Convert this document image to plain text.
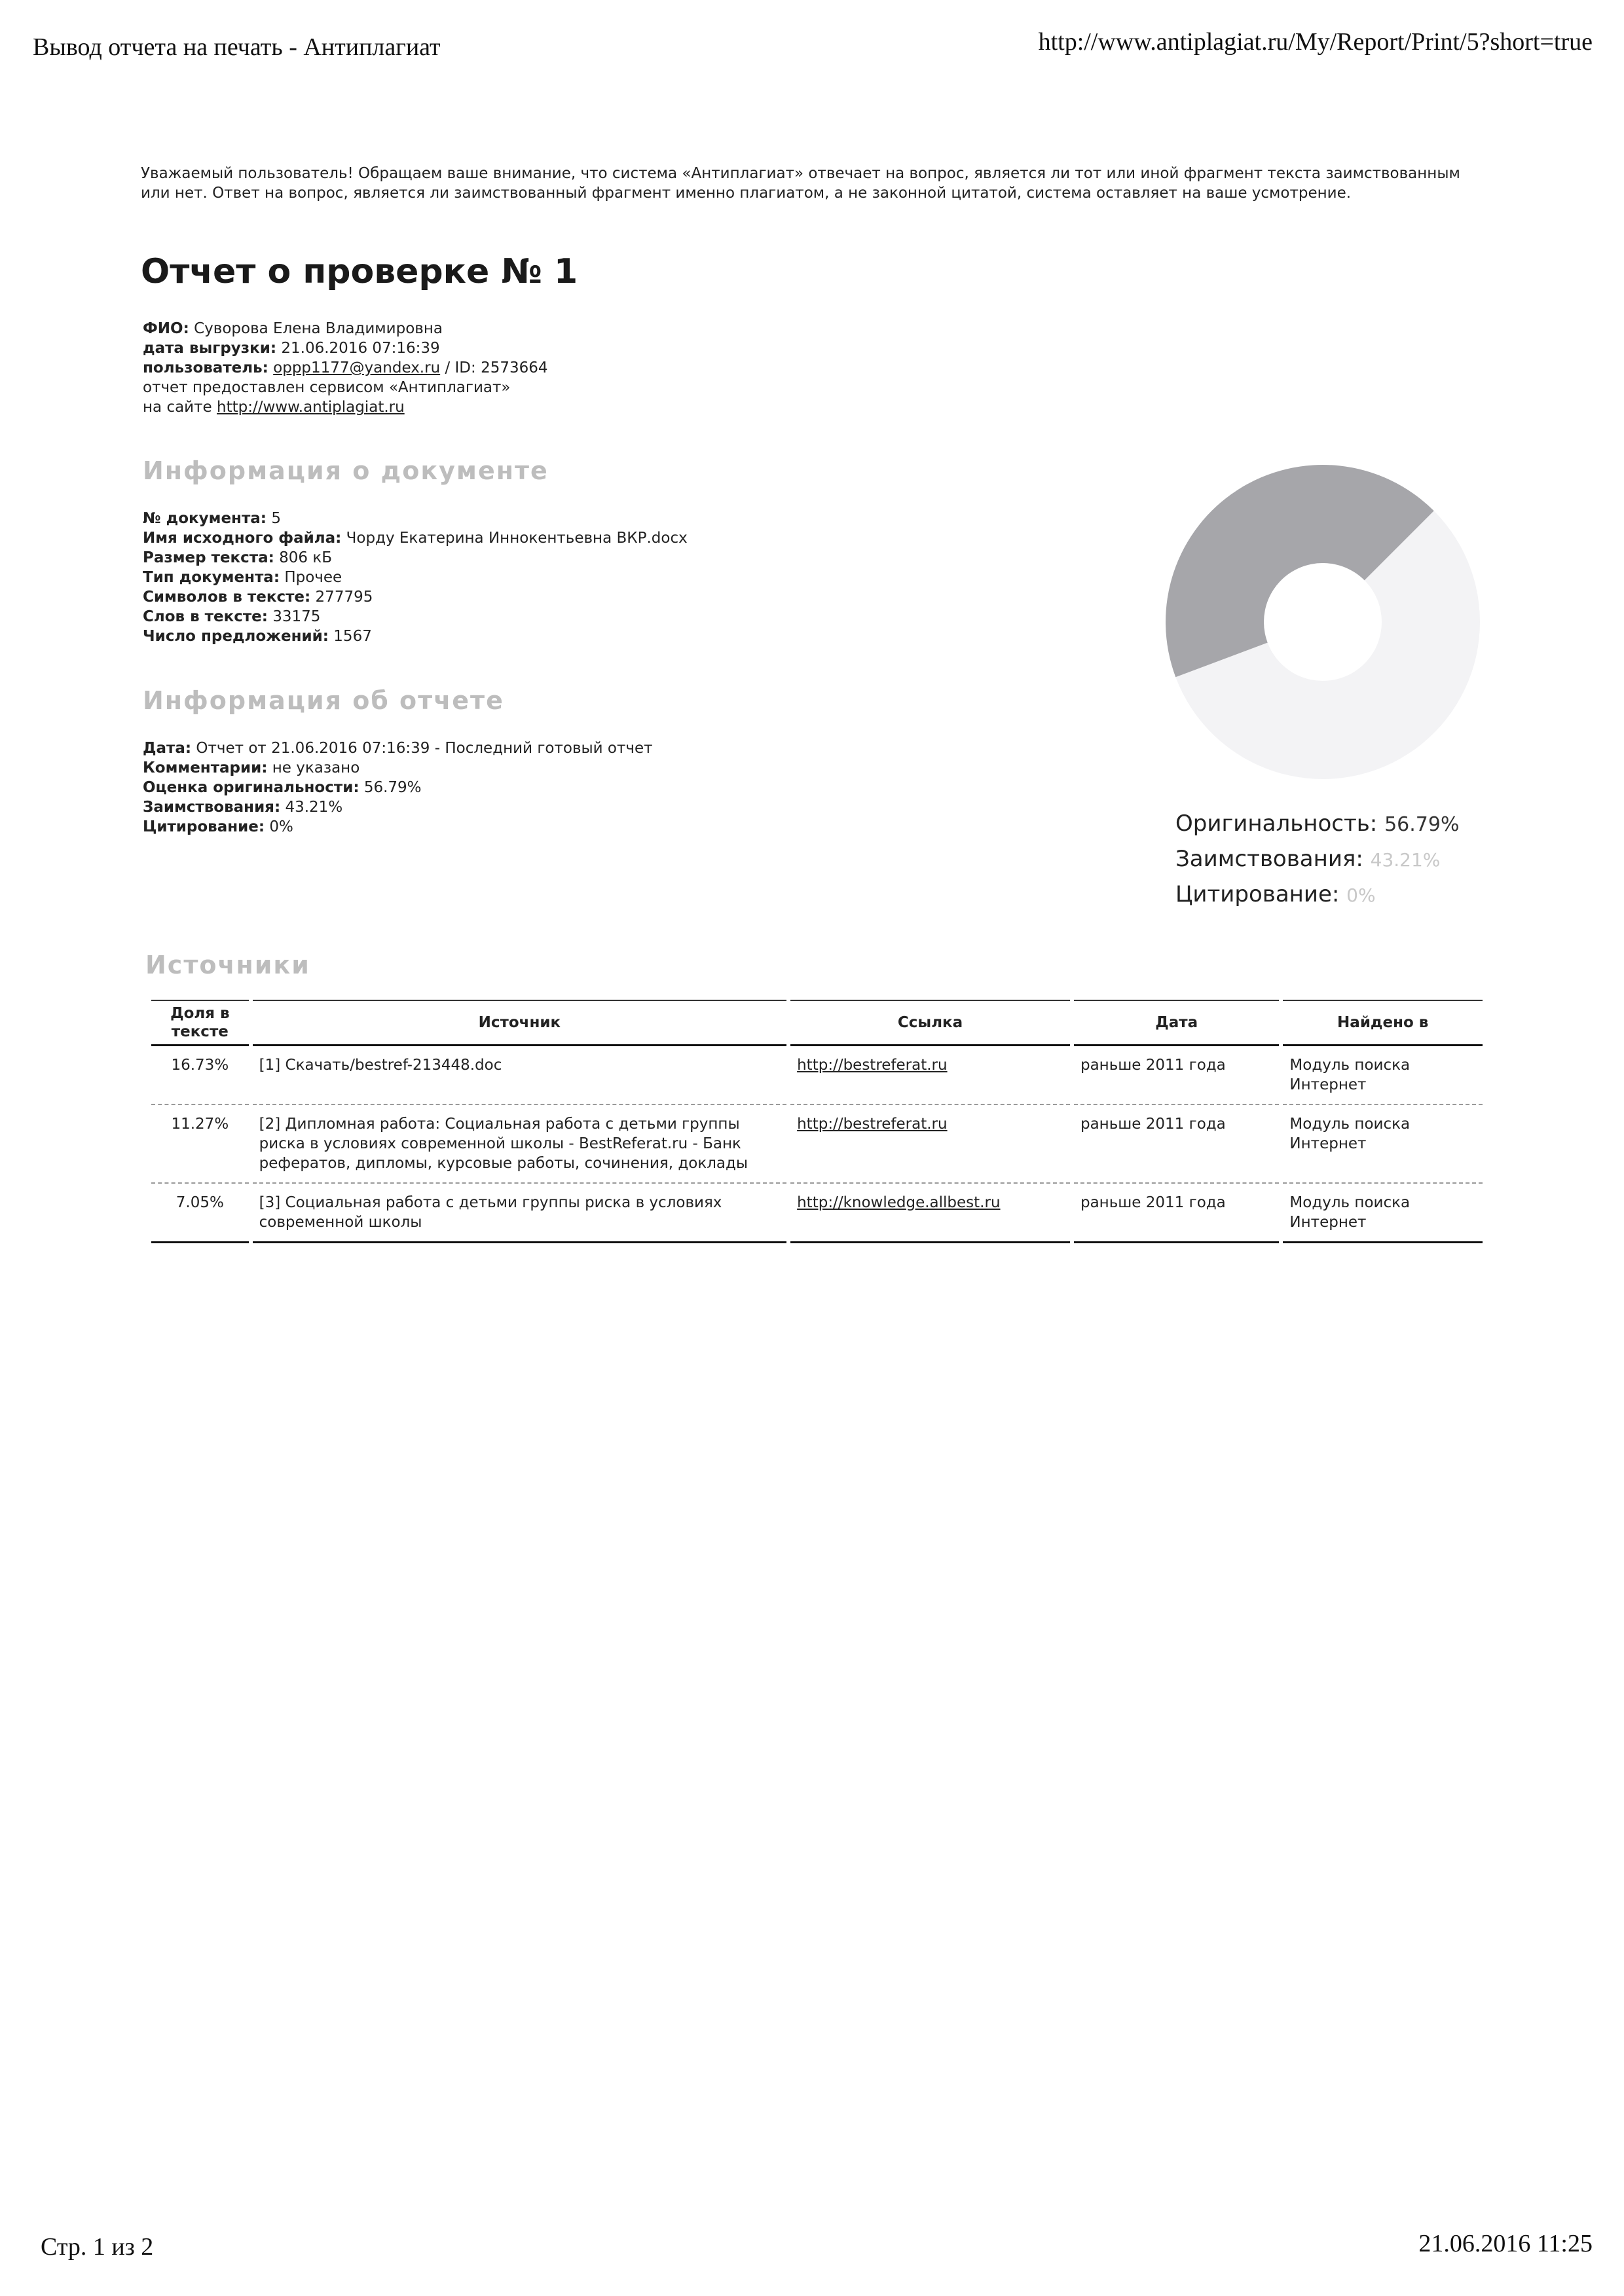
Вывод отчета на печать - Антиплагиат	http://www.antiplagiat.ru/My/Report/Print/5?short=true
Уважаемый пользователь! Обращаем ваше внимание, что система «Антиплагиат» отвечает на вопрос, является ли тот или иной фрагмент текста заимствованным или нет. Ответ на вопрос, является ли заимствованный фрагмент именно плагиатом, а не законной цитатой, система оставляет на ваше усмотрение.
Отчет о проверке № 1
ФИО: Суворова Елена Владимировна
дата выгрузки: 21.06.2016 07:16:39
пользователь: oppp1177@yandex.ru / ID: 2573664
отчет предоставлен сервисом «Антиплагиат»
на сайте http://www.antiplagiat.ru
Информация о документе
№ документа: 5
Имя исходного файла: Чорду Екатерина Иннокентьевна ВКР.docx
Размер текста: 806 кБ
Тип документа: Прочее
Символов в тексте: 277795
Слов в тексте: 33175
Число предложений: 1567
Информация об отчете
Дата: Отчет от 21.06.2016 07:16:39 - Последний готовый отчет
Комментарии: не указано
Оценка оригинальности: 56.79%
Заимствования: 43.21%
Цитирование: 0%	Оригинальность: 56.79%
Заимствования: 43.21%
Цитирование: 0%
Источники
Доля в тексте	Источник	Ссылка	Дата	Найдено в
16.73%	[1] Скачать/bestref-213448.doc	http://bestreferat.ru	раньше 2011 года	Модуль поиска Интернет
11.27%	[2] Дипломная работа: Социальная работа с детьми группы риска в условиях современной школы - BestReferat.ru - Банк рефератов, дипломы, курсовые работы, сочинения, доклады	http://bestreferat.ru	раньше 2011 года	Модуль поиска Интернет
7.05%	[3] Социальная работа с детьми группы риска в условиях современной школы	http://knowledge.allbest.ru	раньше 2011 года	Модуль поиска Интернет
Стр. 1 из 2	21.06.2016 11:25
